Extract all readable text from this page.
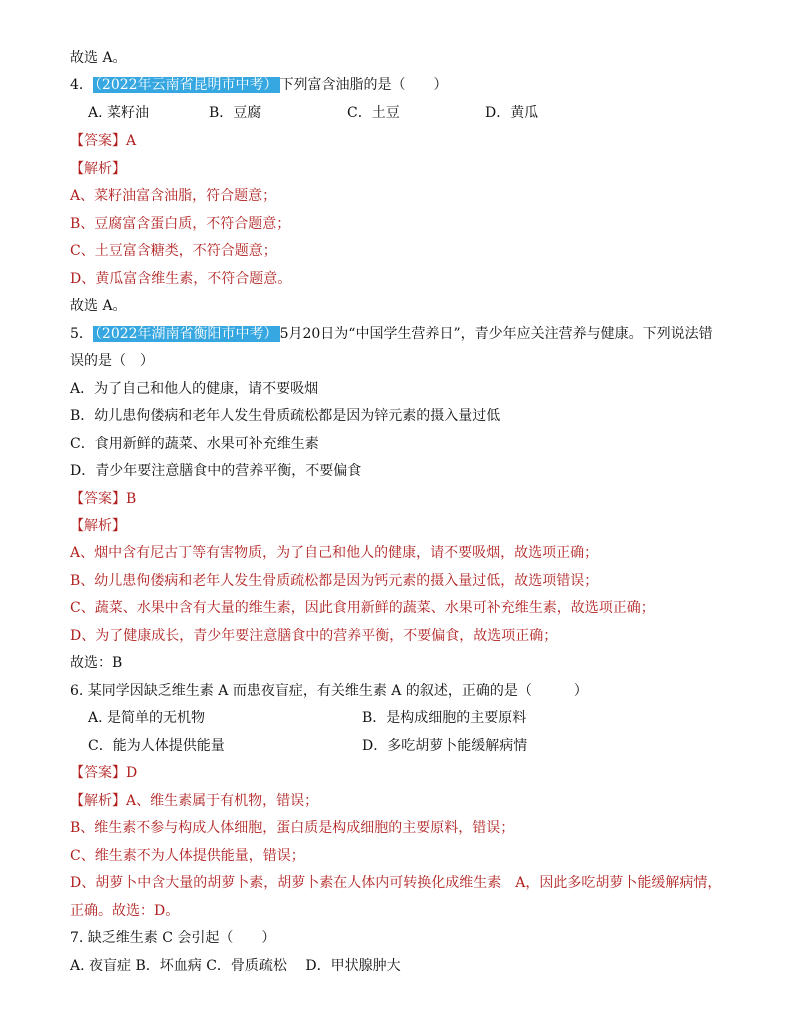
故选 A。
4． （2022年云南省昆明市中考） 下列富含油脂的是（　　）
A. 菜籽油	B．豆腐	C．土豆	D．黄瓜
【答案】A
【解析】
A、菜籽油富含油脂，符合题意；
B、豆腐富含蛋白质，不符合题意；
C、土豆富含糖类，不符合题意；
D、黄瓜富含维生素，不符合题意。
故选 A。
5． （2022年湖南省衡阳市中考） 5月20日为“中国学生营养日”，青少年应关注营养与健康。下列说法错
误的是（　）
A．为了自己和他人的健康，请不要吸烟
B．幼儿患佝偻病和老年人发生骨质疏松都是因为锌元素的摄入量过低
C．食用新鲜的蔬菜、水果可补充维生素
D．青少年要注意膳食中的营养平衡，不要偏食
【答案】B
【解析】
A、烟中含有尼古丁等有害物质，为了自己和他人的健康，请不要吸烟，故选项正确；
B、幼儿患佝偻病和老年人发生骨质疏松都是因为钙元素的摄入量过低，故选项错误；
C、蔬菜、水果中含有大量的维生素，因此食用新鲜的蔬菜、水果可补充维生素，故选项正确；
D、为了健康成长，青少年要注意膳食中的营养平衡，不要偏食，故选项正确；
故选：B
6. 某同学因缺乏维生素 A 而患夜盲症，有关维生素 A 的叙述，正确的是（　　　）
A. 是简单的无机物	B．是构成细胞的主要原料
C．能为人体提供能量	D．多吃胡萝卜能缓解病情
【答案】D
【解析】A、维生素属于有机物，错误；
B、维生素不参与构成人体细胞，蛋白质是构成细胞的主要原料，错误；
C、维生素不为人体提供能量，错误；
D、胡萝卜中含大量的胡萝卜素，胡萝卜素在人体内可转换化成维生素　A，因此多吃胡萝卜能缓解病情，
正确。故选：D。
7. 缺乏维生素 C 会引起（　　）
A. 夜盲症 B．坏血病 C．骨质疏松　 D．甲状腺肿大
